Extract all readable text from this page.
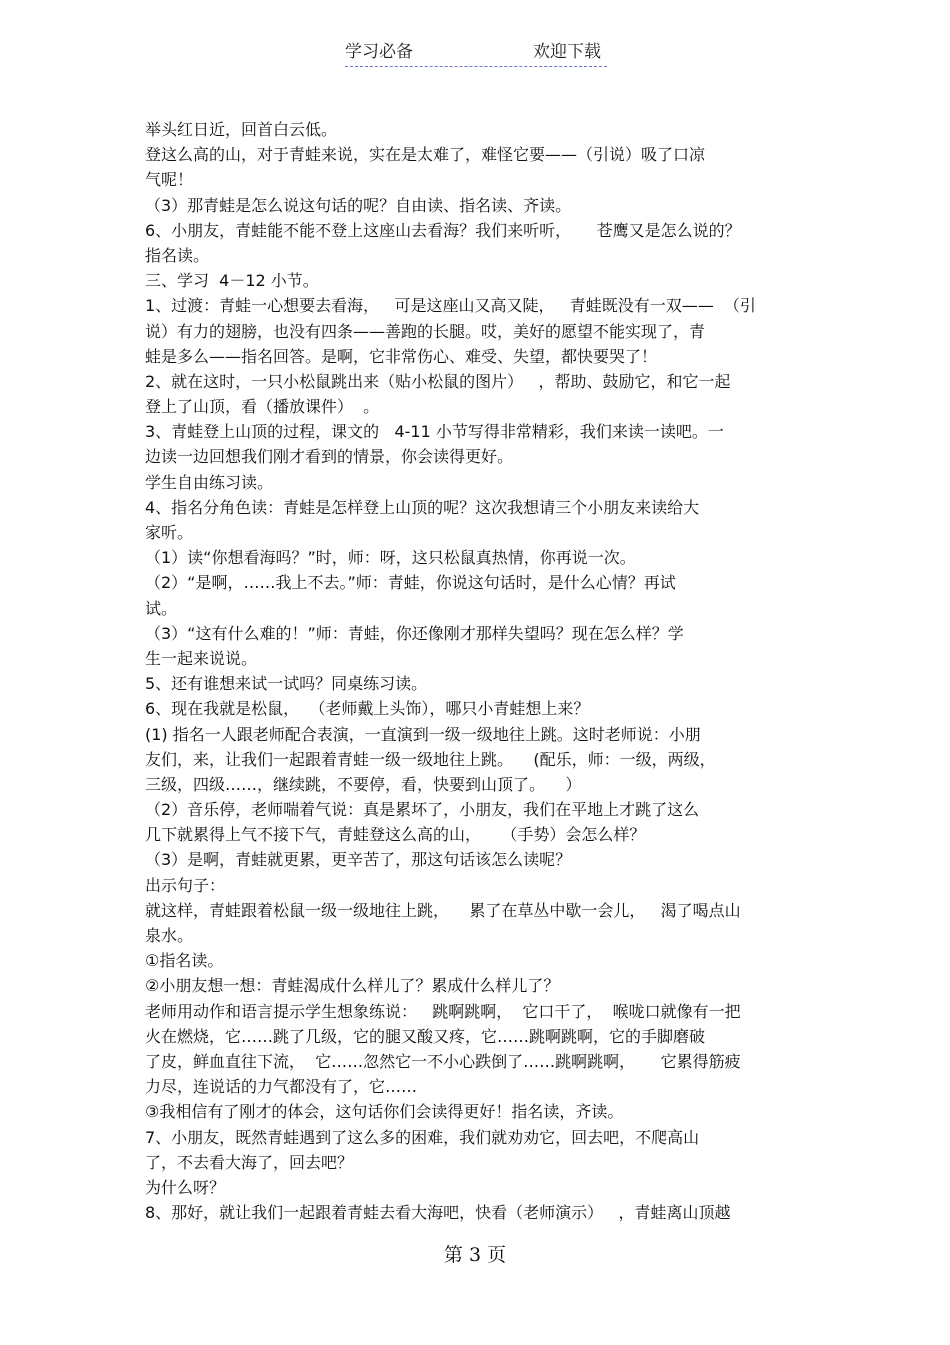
学习必备	欢迎下载
举头红日近，回首白云低。
登这么高的山，对于青蛙来说，实在是太难了，难怪它要——（引说）吸了口凉
气呢！
（3）那青蛙是怎么说这句话的呢？自由读、指名读、齐读。
6、小朋友，青蛙能不能不登上这座山去看海？我们来听听，     苍鹰又是怎么说的？
指名读。
三、学习  4－12 小节。
1、过渡：青蛙一心想要去看海，   可是这座山又高又陡，   青蛙既没有一双——  （引
说）有力的翅膀，也没有四条——善跑的长腿。哎，美好的愿望不能实现了，青
蛙是多么——指名回答。是啊，它非常伤心、难受、失望，都快要哭了！
2、就在这时，一只小松鼠跳出来（贴小松鼠的图片）   ，帮助、鼓励它，和它一起
登上了山顶，看（播放课件）  。
3、青蛙登上山顶的过程，课文的   4-11 小节写得非常精彩，我们来读一读吧。一
边读一边回想我们刚才看到的情景，你会读得更好。
学生自由练习读。
4、指名分角色读：青蛙是怎样登上山顶的呢？这次我想请三个小朋友来读给大
家听。
（1）读“你想看海吗？”时，师：呀，这只松鼠真热情，你再说一次。
（2）“是啊，……我上不去。”师：青蛙，你说这句话时，是什么心情？再试
试。
（3）“这有什么难的！”师：青蛙，你还像刚才那样失望吗？现在怎么样？学
生一起来说说。
5、还有谁想来试一试吗？同桌练习读。
6、现在我就是松鼠，  （老师戴上头饰），哪只小青蛙想上来？
(1) 指名一人跟老师配合表演，一直演到一级一级地往上跳。这时老师说：小朋
友们，来，让我们一起跟着青蛙一级一级地往上跳。    (配乐，师：一级，两级，
三级，四级……，继续跳，不要停，看，快要到山顶了。    ）
（2）音乐停，老师喘着气说：真是累坏了，小朋友，我们在平地上才跳了这么
几下就累得上气不接下气，青蛙登这么高的山，    （手势）会怎么样？
（3）是啊，青蛙就更累，更辛苦了，那这句话该怎么读呢？
出示句子：
就这样，青蛙跟着松鼠一级一级地往上跳，    累了在草丛中歇一会儿，   渴了喝点山
泉水。
①指名读。
②小朋友想一想：青蛙渴成什么样儿了？累成什么样儿了？
老师用动作和语言提示学生想象练说：   跳啊跳啊，  它口干了，  喉咙口就像有一把
火在燃烧，它……跳了几级，它的腿又酸又疼，它……跳啊跳啊，它的手脚磨破
了皮，鲜血直往下流，  它……忽然它一不小心跌倒了……跳啊跳啊，     它累得筋疲
力尽，连说话的力气都没有了，它……
③我相信有了刚才的体会，这句话你们会读得更好！指名读，齐读。
7、小朋友，既然青蛙遇到了这么多的困难，我们就劝劝它，回去吧，不爬高山
了，不去看大海了，回去吧？
为什么呀？
8、那好，就让我们一起跟着青蛙去看大海吧，快看（老师演示）   ，青蛙离山顶越
第 3 页
